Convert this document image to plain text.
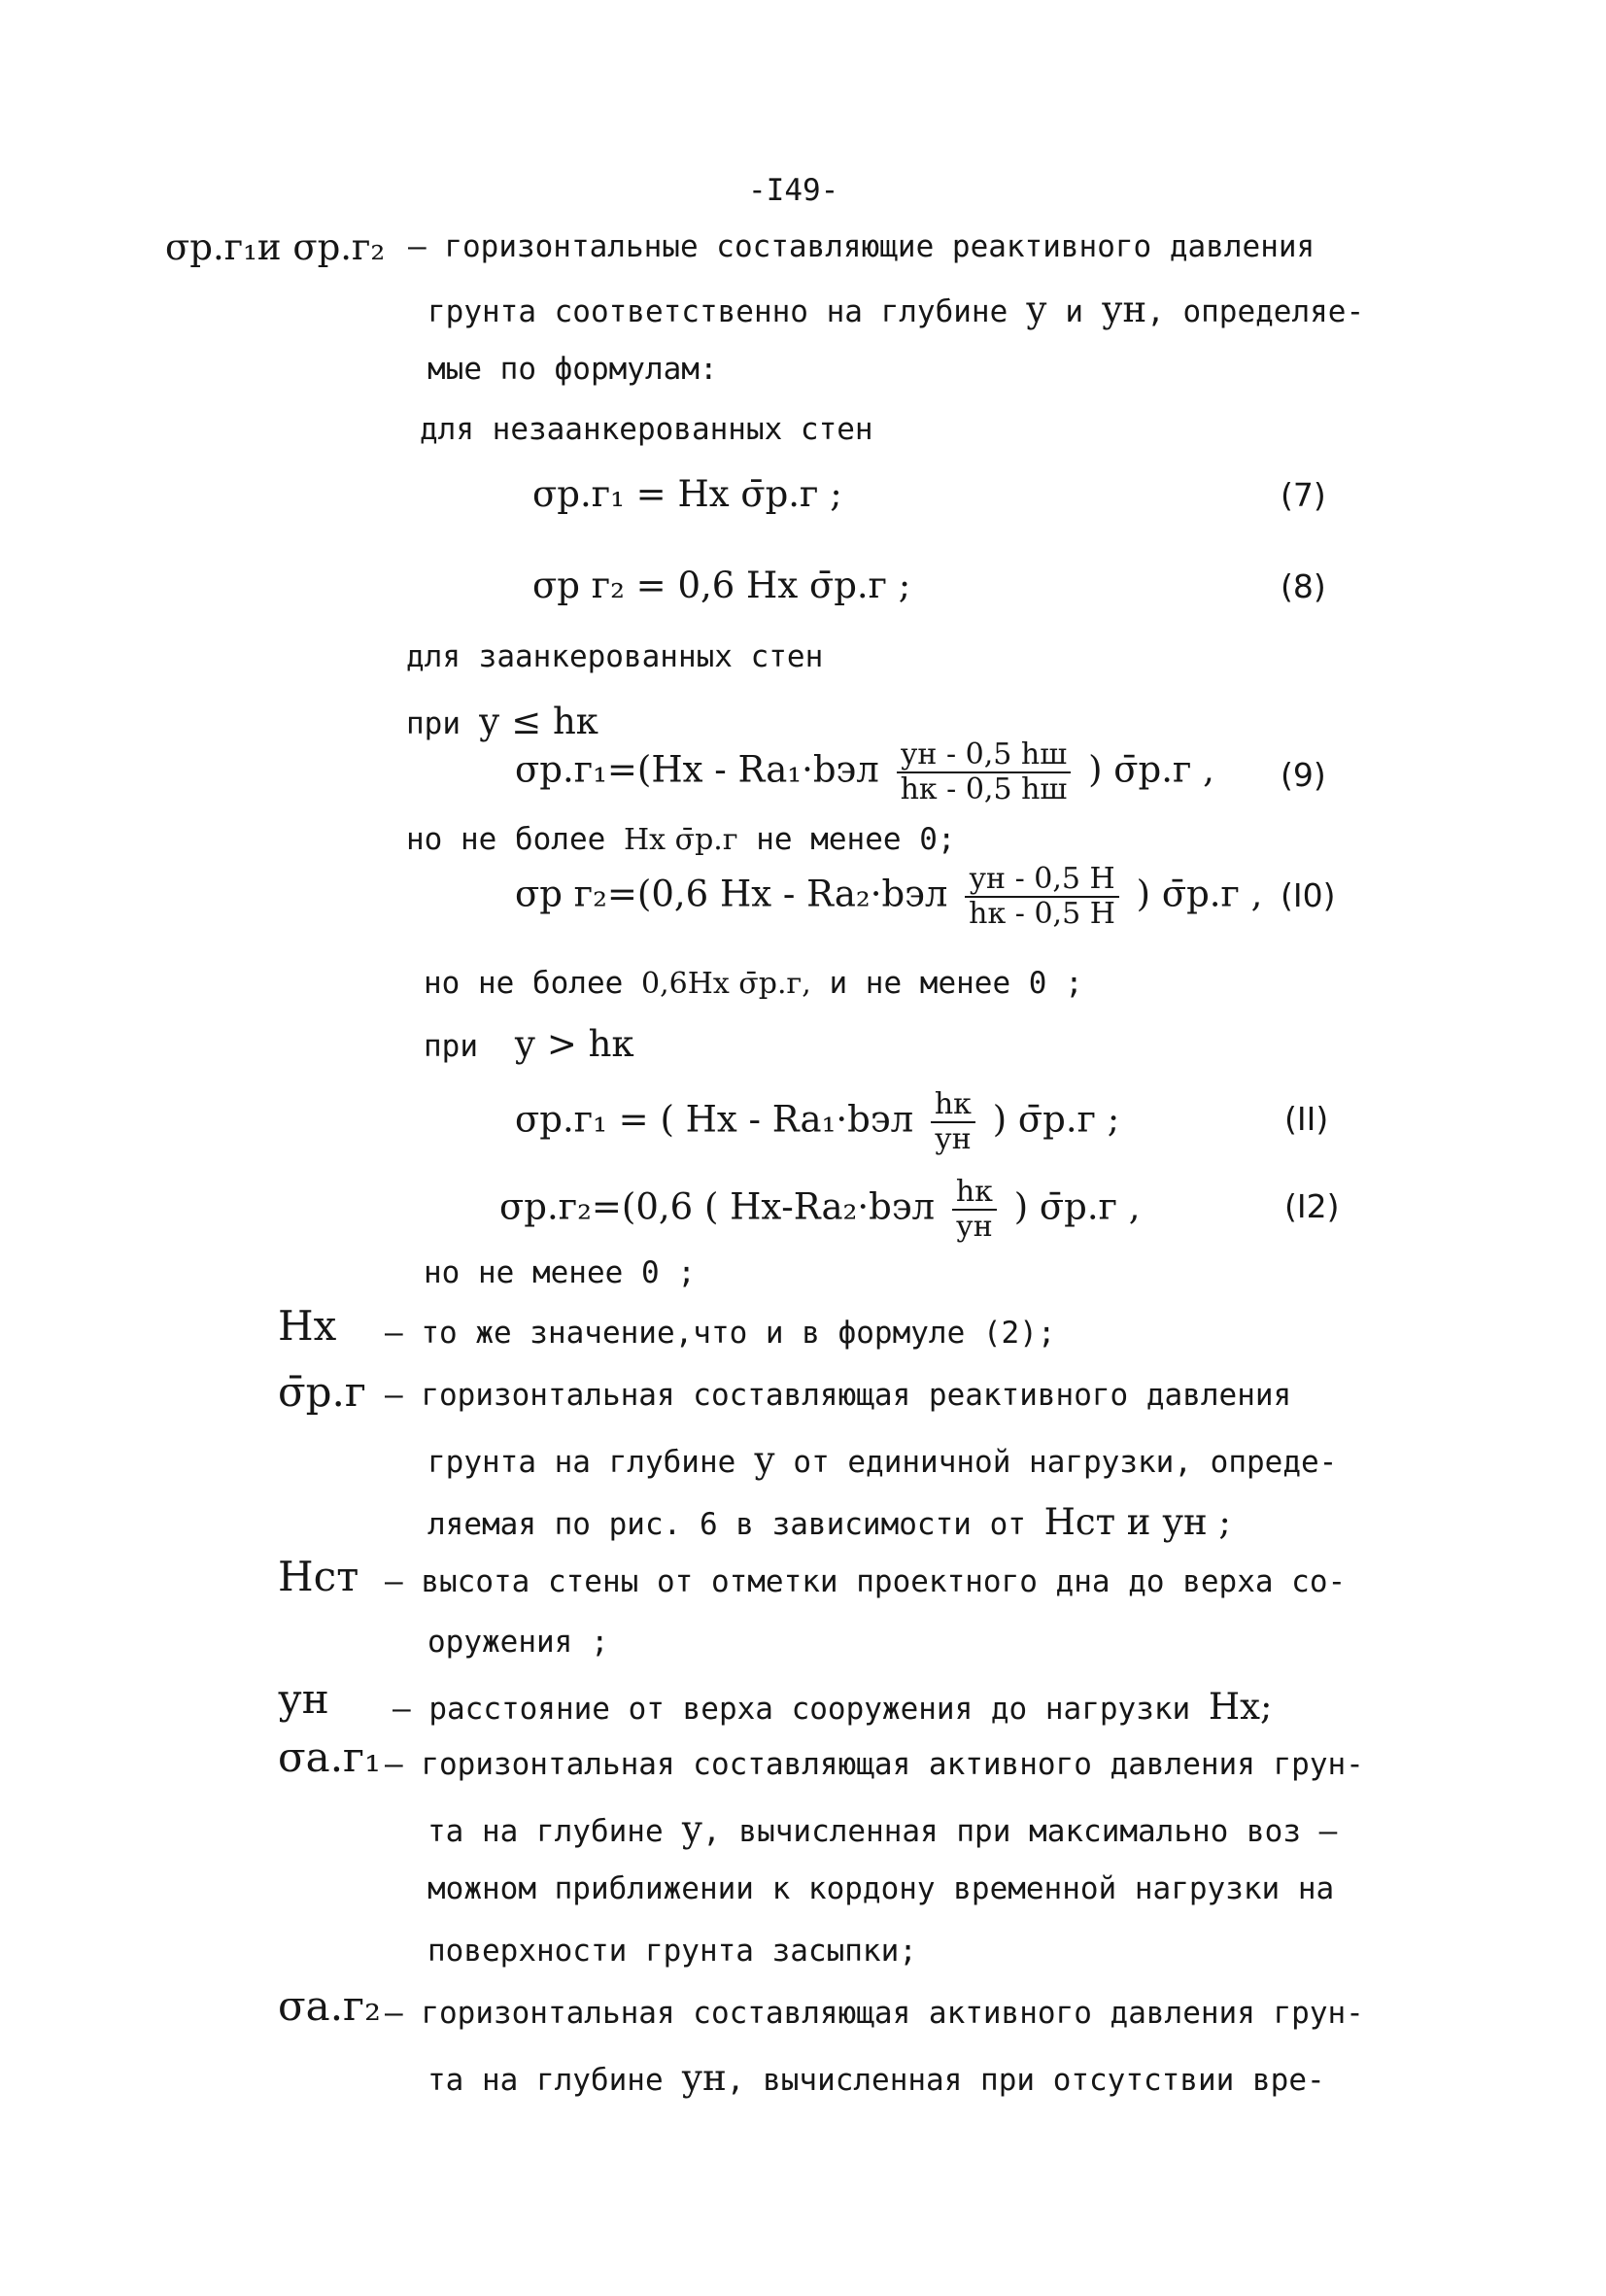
-I49-
σр.г₁и σр.г₂ – горизонтальные составляющие реактивного давления
грунта соответственно на глубине у и ун, определяе-
мые по формулам:
для незаанкерованных стен
σр.г₁ = Hх σ̄р.г ;	(7)
σр г₂ = 0,6 Hх σ̄р.г ;	(8)
для заанкерованных стен
при у ≤ hк
$\sigma р.г_1=(Hх - Ra_1\cdot bэл \frac{ун - 0,5 hш}{hк - 0,5 hш}$ ) σ̄р.г , (9)
но не более Hх σ̄р.г не менее 0;
σр г₂=(0,6 Hх - $Ra_2\cdot bэл \frac{ун - 0,5 H}{hк - 0,5 H}$ ) σ̄р.г , (I0)
но не более 0,6Hх σ̄р.г, и не менее 0 ;
при у > hк
σр.г₁ = ( Hх - $Ra_1\cdot bэл \frac{hк}{ун}$ ) σ̄р.г ;	(II)
σр.г₂=(0,6 ( $Hх-Ra_2\cdot bэл \frac{hк}{ун}$ ) σ̄р.г ,	(I2)
но не менее 0 ;
Hх – то же значение,что и в формуле (2);
σ̄р.г – горизонтальная составляющая реактивного давления
грунта на глубине у от единичной нагрузки, опреде-
ляемая по рис. 6 в зависимости от Hст и ун ;
Hст – высота стены от отметки проектного дна до верха со-
оружения ;
ун – расстояние от верха сооружения до нагрузки Hх;
σа.г₁ – горизонтальная составляющая активного давления грун-
та на глубине у, вычисленная при максимально воз –
можном приближении к кордону временной нагрузки на
поверхности грунта засыпки;
σа.г₂ – горизонтальная составляющая активного давления грун-
та на глубине ун, вычисленная при отсутствии вре-
